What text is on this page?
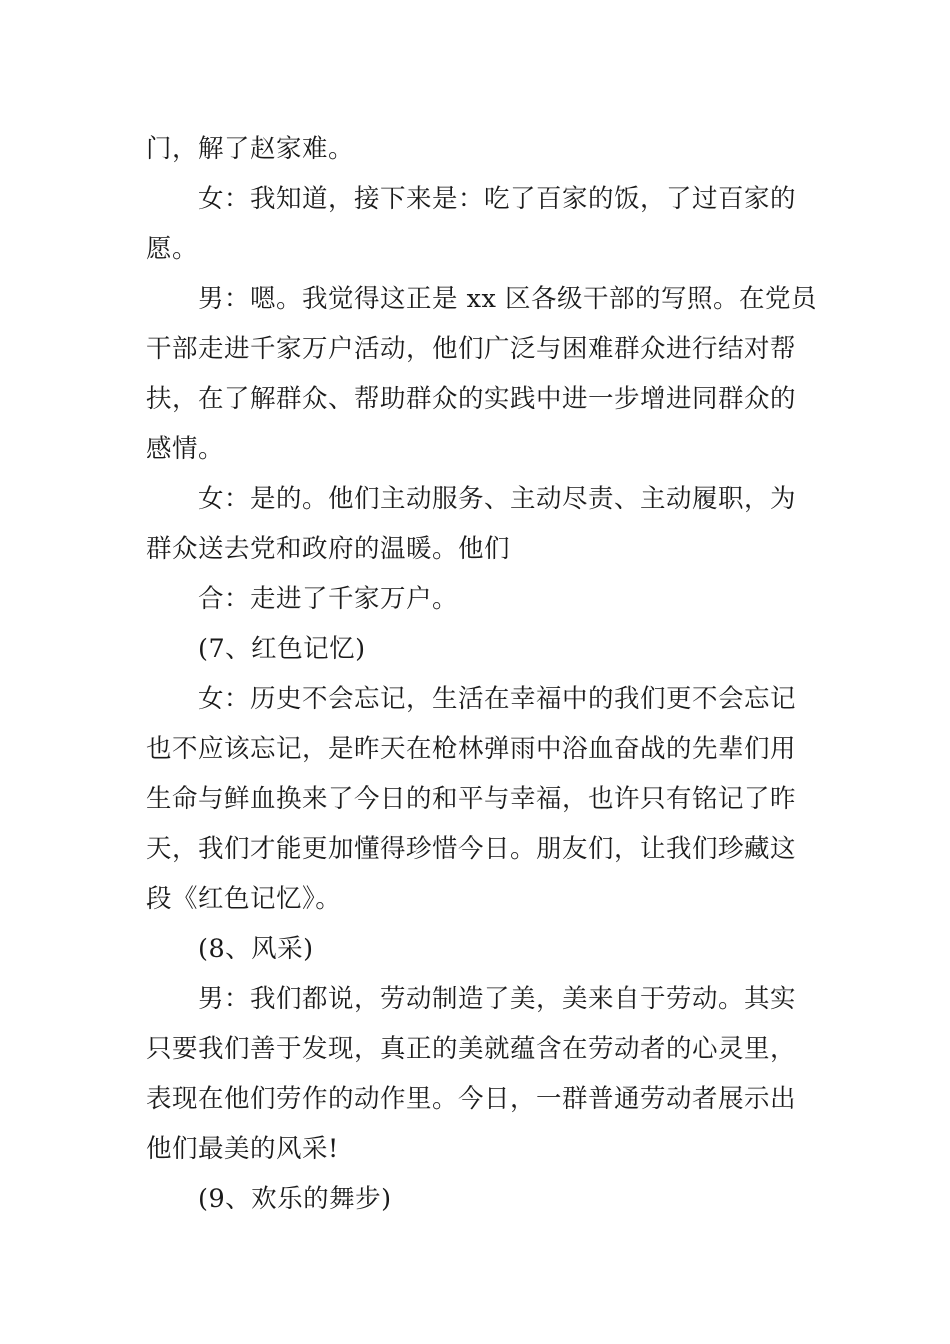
门，解了赵家难。
女：我知道，接下来是：吃了百家的饭，了过百家的
愿。
男：嗯。我觉得这正是 xx 区各级干部的写照。在党员
干部走进千家万户活动，他们广泛与困难群众进行结对帮
扶，在了解群众、帮助群众的实践中进一步增进同群众的
感情。
女：是的。他们主动服务、主动尽责、主动履职，为
群众送去党和政府的温暖。他们
合：走进了千家万户。
(7、红色记忆)
女：历史不会忘记，生活在幸福中的我们更不会忘记
也不应该忘记，是昨天在枪林弹雨中浴血奋战的先辈们用
生命与鲜血换来了今日的和平与幸福，也许只有铭记了昨
天，我们才能更加懂得珍惜今日。朋友们，让我们珍藏这
段《红色记忆》。
(8、风采)
男：我们都说，劳动制造了美，美来自于劳动。其实
只要我们善于发现，真正的美就蕴含在劳动者的心灵里，
表现在他们劳作的动作里。今日，一群普通劳动者展示出
他们最美的风采!
(9、欢乐的舞步)
